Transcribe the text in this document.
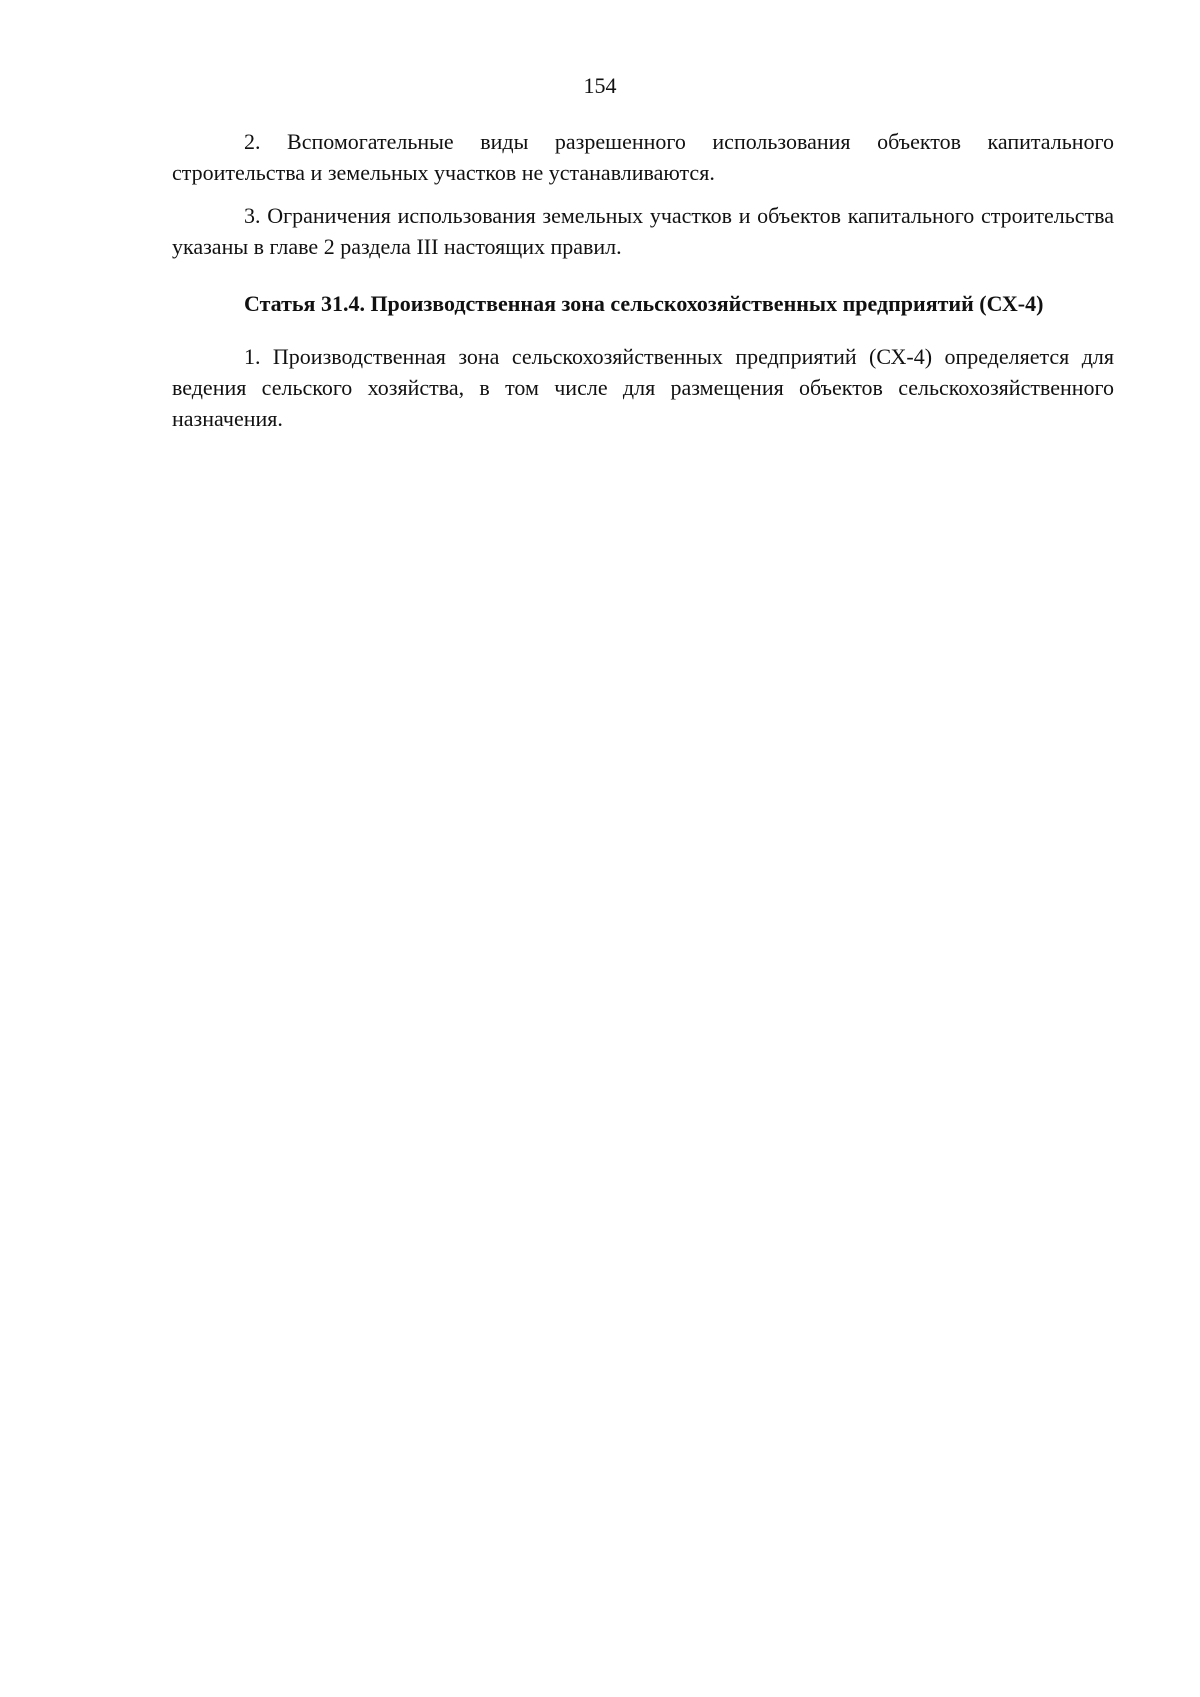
154

2. Вспомогательные виды разрешенного использования объектов капитального строительства и земельных участков не устанавливаются.

3. Ограничения использования земельных участков и объектов капитального строительства указаны в главе 2 раздела III настоящих правил.

Статья 31.4. Производственная зона сельскохозяйственных предприятий (СХ-4)

1. Производственная зона сельскохозяйственных предприятий (СХ-4) определяется для ведения сельского хозяйства, в том числе для размещения объектов сельскохозяйственного назначения.
